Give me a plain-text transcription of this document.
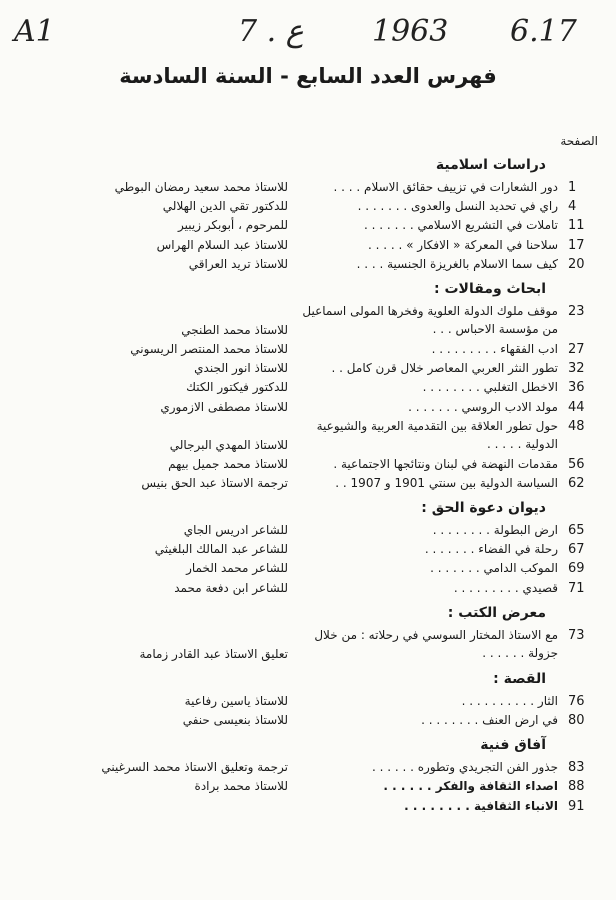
A1	7 . ع 1963 6.17
فهرس العدد السابع - السنة السادسة
الصفحة
دراسات اسلامية
1
دور الشعارات في تزييف حقائق الاسلام . . . .
للاستاذ محمد سعيد رمضان البوطي
4
راي في تحديد النسل والعدوى . . . . . . .
للدكتور تقي الدين الهلالي
11
تاملات في التشريع الاسلامي . . . . . . .
للمرحوم ، أبوبكر زيبير
17
سلاحنا في المعركة « الافكار » . . . . .
للاستاذ عبد السلام الهراس
20
كيف سما الاسلام بالغريزة الجنسية . . . .
للاستاذ تريد العراقي
ابحاث ومقالات :
23
موقف ملوك الدولة العلوية وفخرها المولى اسماعيل من مؤسسة الاحباس . . .
للاستاذ محمد الطنجي
27
ادب الفقهاء . . . . . . . . .
للاستاذ محمد المنتصر الريسوني
32
تطور النثر العربي المعاصر خلال قرن كامل . .
للاستاذ انور الجندي
36
الاخطل التغلبي . . . . . . . .
للدكتور فيكتور الكتك
44
مولد الادب الروسي . . . . . . .
للاستاذ مصطفى الازموري
48
حول تطور العلاقة بين التقدمية العربية والشيوعية الدولية . . . . .
للاستاذ المهدي البرجالي
56
مقدمات النهضة في لبنان ونتائجها الاجتماعية .
للاستاذ محمد جميل بيهم
62
السياسة الدولية بين سنتي 1901 و 1907 . .
ترجمة الاستاذ عبد الحق بنيس
ديوان دعوة الحق :
65
ارض البطولة . . . . . . . .
للشاعر ادريس الجاي
67
رحلة في الفضاء . . . . . . .
للشاعر عبد المالك البلغيثي
69
الموكب الدامي . . . . . . .
للشاعر محمد الخمار
71
قصيدي . . . . . . . . .
للشاعر ابن دفعة محمد
معرض الكتب :
73
مع الاستاذ المختار السوسي في رحلاته : من خلال جزولة . . . . . .
تعليق الاستاذ عبد القادر زمامة
القصة :
76
الثار . . . . . . . . . .
للاستاذ ياسين رفاعية
80
في ارض العنف . . . . . . . .
للاستاذ بنعيسى حنفي
آفاق فنية
83
جذور الفن التجريدي وتطوره . . . . . .
ترجمة وتعليق الاستاذ محمد السرغيني
88
اصداء الثقافة والفكر . . . . . .
للاستاذ محمد برادة
91
الانباء الثقافية . . . . . . . .
